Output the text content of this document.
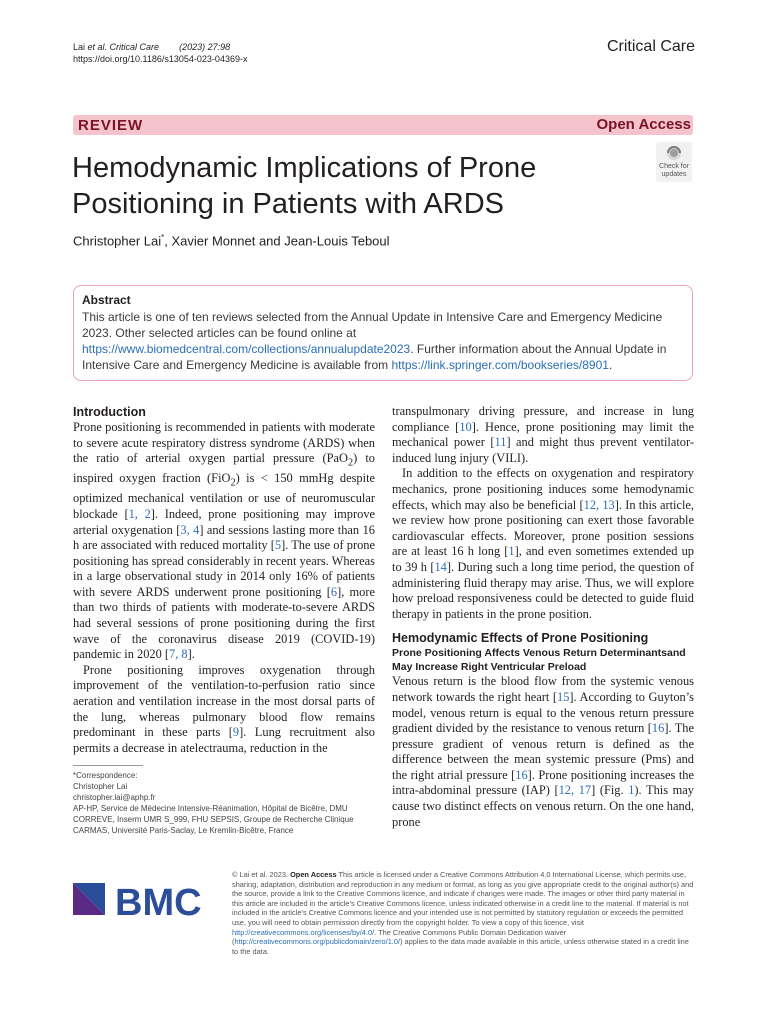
Lai et al. Critical Care (2023) 27:98
https://doi.org/10.1186/s13054-023-04369-x
Critical Care
REVIEW	Open Access
Hemodynamic Implications of Prone Positioning in Patients with ARDS
Check for updates
Christopher Lai*, Xavier Monnet and Jean-Louis Teboul
Abstract
This article is one of ten reviews selected from the Annual Update in Intensive Care and Emergency Medicine 2023. Other selected articles can be found online at https://www.biomedcentral.com/collections/annualupdate2023. Further information about the Annual Update in Intensive Care and Emergency Medicine is available from https://link.springer.com/bookseries/8901.
Introduction

Prone positioning is recommended in patients with moderate to severe acute respiratory distress syndrome (ARDS) when the ratio of arterial oxygen partial pressure (PaO$_2$) to inspired oxygen fraction (FiO$_2$) is < 150 mmHg despite optimized mechanical ventilation or use of neuromuscular blockade [1, 2]. Indeed, prone positioning may improve arterial oxygenation [3, 4] and sessions lasting more than 16 h are associated with reduced mortality [5]. The use of prone positioning has spread considerably in recent years. Whereas in a large observational study in 2014 only 16% of patients with severe ARDS underwent prone positioning [6], more than two thirds of patients with moderate-to-severe ARDS had several sessions of prone positioning during the first wave of the coronavirus disease 2019 (COVID-19) pandemic in 2020 [7, 8].

Prone positioning improves oxygenation through improvement of the ventilation-to-perfusion ratio since aeration and ventilation increase in the most dorsal parts of the lung, whereas pulmonary blood flow remains predominant in these parts [9]. Lung recruitment also permits a decrease in atelectrauma, reduction in the

*Correspondence:
Christopher Lai
christopher.lai@aphp.fr
AP-HP, Service de Médecine Intensive-Réanimation, Hôpital de Bicêtre, DMU CORREVE, Inserm UMR S_999, FHU SEPSIS, Groupe de Recherche Clinique CARMAS, Université Paris-Saclay, Le Kremlin-Bicêtre, France

transpulmonary driving pressure, and increase in lung compliance [10]. Hence, prone positioning may limit the mechanical power [11] and might thus prevent ventilator-induced lung injury (VILI).

In addition to the effects on oxygenation and respiratory mechanics, prone positioning induces some hemodynamic effects, which may also be beneficial [12, 13]. In this article, we review how prone positioning can exert those favorable cardiovascular effects. Moreover, prone position sessions are at least 16 h long [1], and even sometimes extended up to 39 h [14]. During such a long time period, the question of administering fluid therapy may arise. Thus, we will explore how preload responsiveness could be detected to guide fluid therapy in patients in the prone position.

Hemodynamic Effects of Prone Positioning
Prone Positioning Affects Venous Return Determinantsand May Increase Right Ventricular Preload

Venous return is the blood flow from the systemic venous network towards the right heart [15]. According to Guyton’s model, venous return is equal to the venous return pressure gradient divided by the resistance to venous return [16]. The pressure gradient of venous return is defined as the difference between the mean systemic pressure (Pms) and the right atrial pressure [16]. Prone positioning increases the intra-abdominal pressure (IAP) [12, 17] (Fig. 1). This may cause two distinct effects on venous return. On the one hand, prone

BMC
© Lai et al. 2023. Open Access This article is licensed under a Creative Commons Attribution 4.0 International License, which permits use, sharing, adaptation, distribution and reproduction in any medium or format, as long as you give appropriate credit to the original author(s) and the source, provide a link to the Creative Commons licence, and indicate if changes were made. The images or other third party material in this article are included in the article’s Creative Commons licence, unless indicated otherwise in a credit line to the material. If material is not included in the article’s Creative Commons licence and your intended use is not permitted by statutory regulation or exceeds the permitted use, you will need to obtain permission directly from the copyright holder. To view a copy of this licence, visit http://creativecommons.org/licenses/by/4.0/. The Creative Commons Public Domain Dedication waiver (http://creativecommons.org/publicdomain/zero/1.0/) applies to the data made available in this article, unless otherwise stated in a credit line to the data.
